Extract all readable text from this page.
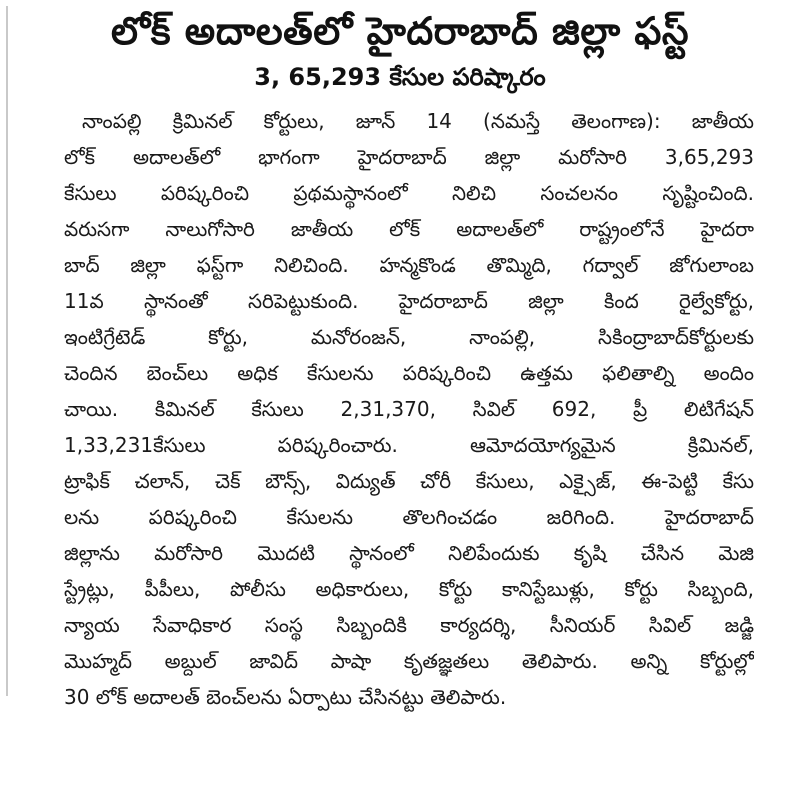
లోక్ అదాలత్‌లో హైదరాబాద్ జిల్లా ఫస్ట్
3, 65,293 కేసుల పరిష్కారం
నాంపల్లి క్రిమినల్ కోర్టులు, జూన్ 14 (నమస్తే తెలంగాణ): జాతీయ
లోక్ అదాలత్‌లో భాగంగా హైదరాబాద్ జిల్లా మరోసారి 3,65,293
కేసులు పరిష్కరించి ప్రథమస్థానంలో నిలిచి సంచలనం సృష్టించింది.
వరుసగా నాలుగోసారి జాతీయ లోక్ అదాలత్‌లో రాష్ట్రంలోనే హైదరా
బాద్ జిల్లా ఫస్ట్‌గా నిలిచింది. హన్మకొండ తొమ్మిది, గద్వాల్ జోగులాంబ
11వ స్థానంతో సరిపెట్టుకుంది. హైదరాబాద్ జిల్లా కింద రైల్వేకోర్టు,
ఇంటిగ్రేటెడ్ కోర్టు, మనోరంజన్, నాంపల్లి, సికింద్రాబాద్‌కోర్టులకు
చెందిన బెంచ్‌లు అధిక కేసులను పరిష్కరించి ఉత్తమ ఫలితాల్ని అందిం
చాయి. కిమినల్ కేసులు 2,31,370, సివిల్ 692, ప్రీ లిటిగేషన్
1,33,231కేసులు పరిష్కరించారు. ఆమోదయోగ్యమైన క్రిమినల్,
ట్రాఫిక్ చలాన్, చెక్ బౌన్స్, విద్యుత్ చోరీ కేసులు, ఎక్సైజ్, ఈ-పెట్టి కేసు
లను పరిష్కరించి కేసులను తొలగించడం జరిగింది. హైదరాబాద్
జిల్లాను మరోసారి మొదటి స్థానంలో నిలిపేందుకు కృషి చేసిన మెజి
స్ట్రేట్లు, పీపీలు, పోలీసు అధికారులు, కోర్టు కానిస్టేబుళ్లు, కోర్టు సిబ్బంది,
న్యాయ సేవాధికార సంస్థ సిబ్బందికి కార్యదర్శి, సీనియర్ సివిల్ జడ్జి
మొహ్మద్ అబ్దుల్ జావిద్ పాషా కృతజ్ఞతలు తెలిపారు. అన్ని కోర్టుల్లో
30 లోక్ అదాలత్ బెంచ్‌లను ఏర్పాటు చేసినట్టు తెలిపారు.
